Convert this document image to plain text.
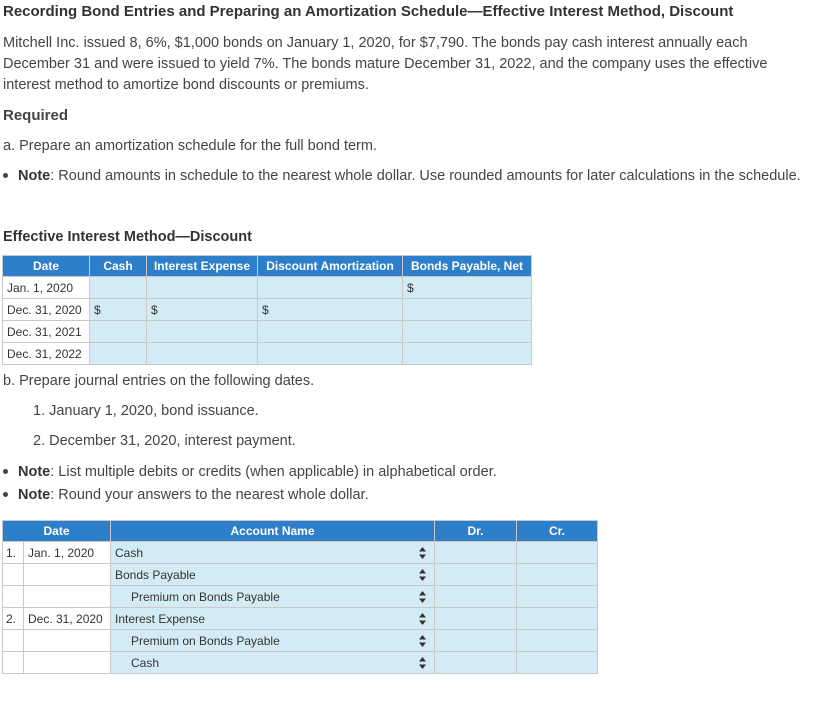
Recording Bond Entries and Preparing an Amortization Schedule—Effective Interest Method, Discount
Mitchell Inc. issued 8, 6%, $1,000 bonds on January 1, 2020, for $7,790. The bonds pay cash interest annually each December 31 and were issued to yield 7%. The bonds mature December 31, 2022, and the company uses the effective interest method to amortize bond discounts or premiums.
Required
a. Prepare an amortization schedule for the full bond term.
Note: Round amounts in schedule to the nearest whole dollar. Use rounded amounts for later calculations in the schedule.
Effective Interest Method—Discount
Date	Cash	Interest Expense	Discount Amortization	Bonds Payable, Net
Jan. 1, 2020				$
Dec. 31, 2020	$	$	$	
Dec. 31, 2021				
Dec. 31, 2022				
b. Prepare journal entries on the following dates.
1. January 1, 2020, bond issuance.
2. December 31, 2020, interest payment.
Note: List multiple debits or credits (when applicable) in alphabetical order.
Note: Round your answers to the nearest whole dollar.
Date		Account Name	Dr.	Cr.
1.	Jan. 1, 2020	Cash

		Bonds Payable

		Premium on Bonds Payable

2.	Dec. 31, 2020	Interest Expense

		Premium on Bonds Payable

		Cash
